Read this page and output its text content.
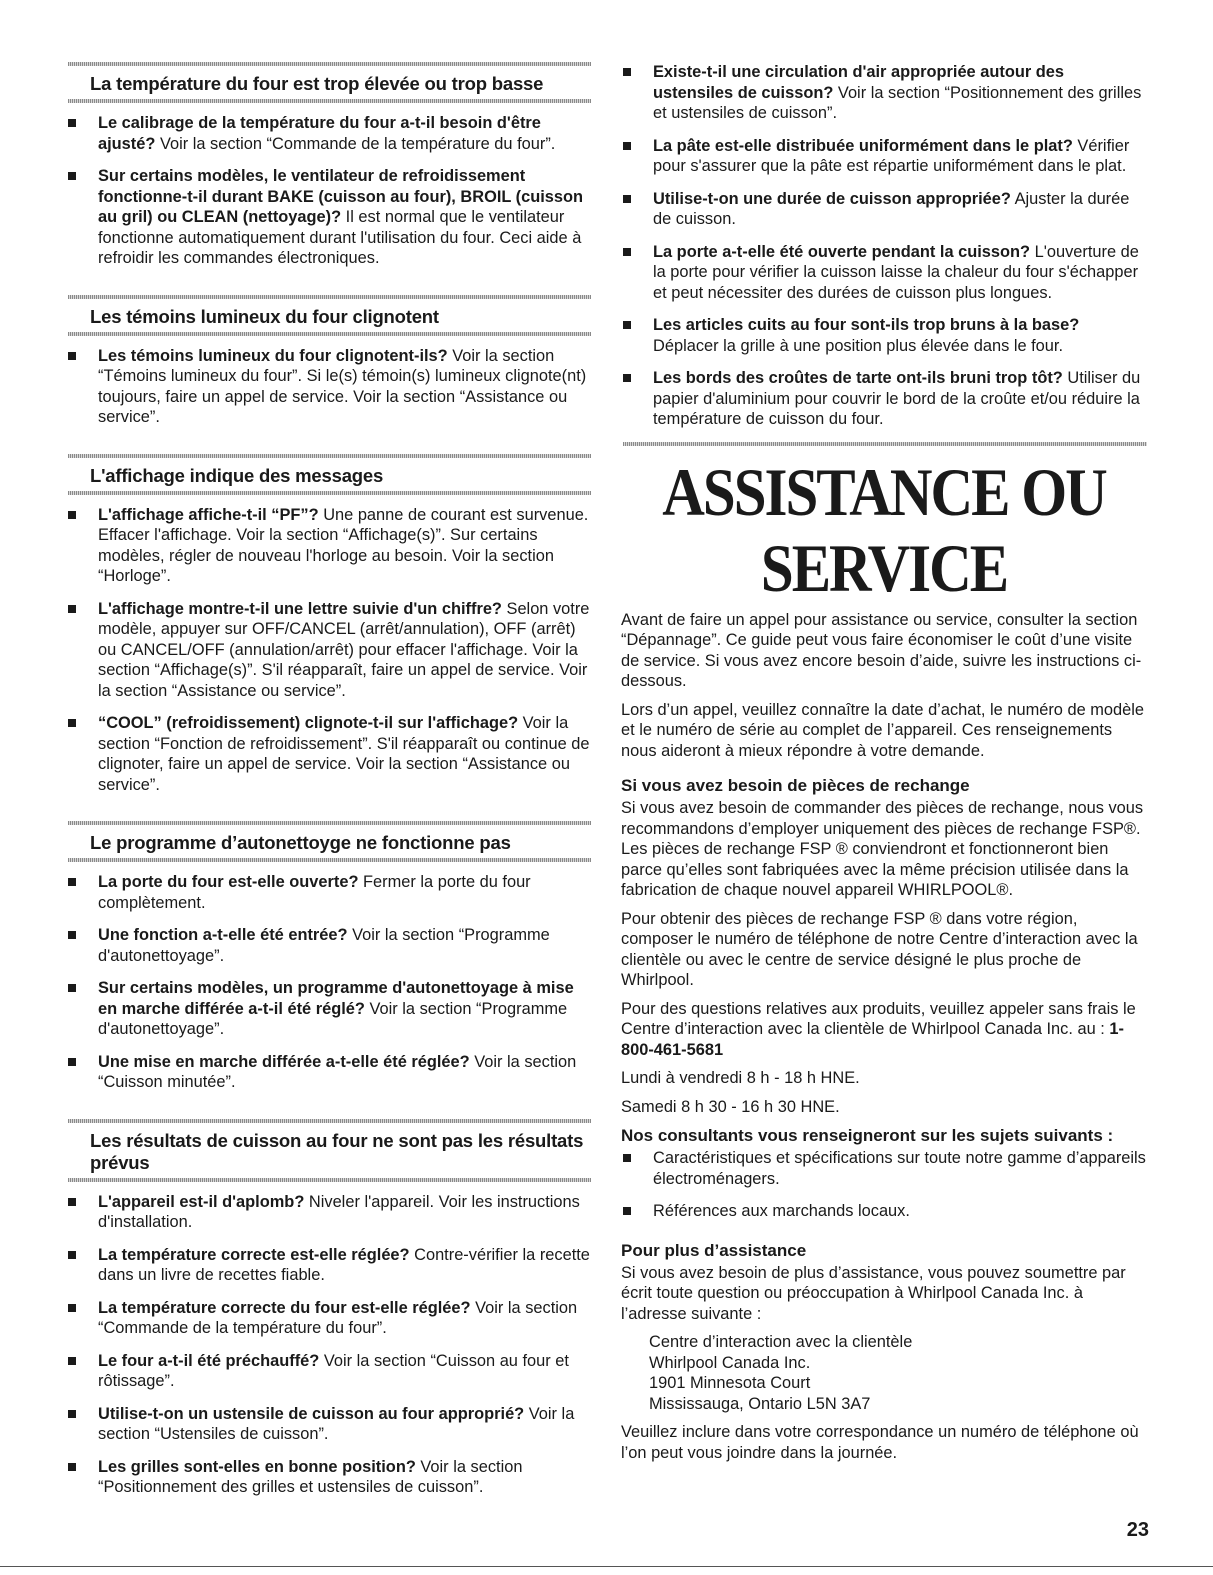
La température du four est trop élevée ou trop basse
Le calibrage de la température du four a-t-il besoin d'être ajusté? Voir la section “Commande de la température du four”.
Sur certains modèles, le ventilateur de refroidissement fonctionne-t-il durant BAKE (cuisson au four), BROIL (cuisson au gril) ou CLEAN (nettoyage)? Il est normal que le ventilateur fonctionne automatiquement durant l'utilisation du four. Ceci aide à refroidir les commandes électroniques.
Les témoins lumineux du four clignotent
Les témoins lumineux du four clignotent-ils? Voir la section “Témoins lumineux du four”. Si le(s) témoin(s) lumineux clignote(nt) toujours, faire un appel de service. Voir la section “Assistance ou service”.
L'affichage indique des messages
L'affichage affiche-t-il “PF”? Une panne de courant est survenue. Effacer l'affichage. Voir la section “Affichage(s)”. Sur certains modèles, régler de nouveau l'horloge au besoin. Voir la section “Horloge”.
L'affichage montre-t-il une lettre suivie d'un chiffre? Selon votre modèle, appuyer sur OFF/CANCEL (arrêt/annulation), OFF (arrêt) ou CANCEL/OFF (annulation/arrêt) pour effacer l'affichage. Voir la section “Affichage(s)”. S'il réapparaît, faire un appel de service. Voir la section “Assistance ou service”.
“COOL” (refroidissement) clignote-t-il sur l'affichage? Voir la section “Fonction de refroidissement”. S'il réapparaît ou continue de clignoter, faire un appel de service. Voir la section “Assistance ou service”.
Le programme d’autonettoyge ne fonctionne pas
La porte du four est-elle ouverte? Fermer la porte du four complètement.
Une fonction a-t-elle été entrée? Voir la section “Programme d'autonettoyage”.
Sur certains modèles, un programme d'autonettoyage à mise en marche différée a-t-il été réglé? Voir la section “Programme d'autonettoyage”.
Une mise en marche différée a-t-elle été réglée? Voir la section “Cuisson minutée”.
Les résultats de cuisson au four ne sont pas les résultats prévus
L'appareil est-il d'aplomb? Niveler l'appareil. Voir les instructions d'installation.
La température correcte est-elle réglée? Contre-vérifier la recette dans un livre de recettes fiable.
La température correcte du four est-elle réglée? Voir la section “Commande de la température du four”.
Le four a-t-il été préchauffé? Voir la section “Cuisson au four et rôtissage”.
Utilise-t-on un ustensile de cuisson au four approprié? Voir la section “Ustensiles de cuisson”.
Les grilles sont-elles en bonne position? Voir la section “Positionnement des grilles et ustensiles de cuisson”.
Existe-t-il une circulation d'air appropriée autour des ustensiles de cuisson? Voir la section “Positionnement des grilles et ustensiles de cuisson”.
La pâte est-elle distribuée uniformément dans le plat? Vérifier pour s'assurer que la pâte est répartie uniformément dans le plat.
Utilise-t-on une durée de cuisson appropriée? Ajuster la durée de cuisson.
La porte a-t-elle été ouverte pendant la cuisson? L'ouverture de la porte pour vérifier la cuisson laisse la chaleur du four s'échapper et peut nécessiter des durées de cuisson plus longues.
Les articles cuits au four sont-ils trop bruns à la base? Déplacer la grille à une position plus élevée dans le four.
Les bords des croûtes de tarte ont-ils bruni trop tôt? Utiliser du papier d'aluminium pour couvrir le bord de la croûte et/ou réduire la température de cuisson du four.
ASSISTANCE OU SERVICE

Avant de faire un appel pour assistance ou service, consulter la section “Dépannage”. Ce guide peut vous faire économiser le coût d’une visite de service. Si vous avez encore besoin d’aide, suivre les instructions ci-dessous.

Lors d’un appel, veuillez connaître la date d’achat, le numéro de modèle et le numéro de série au complet de l’appareil. Ces renseignements nous aideront à mieux répondre à votre demande.

Si vous avez besoin de pièces de rechange

Si vous avez besoin de commander des pièces de rechange, nous vous recommandons d’employer uniquement des pièces de rechange FSP®. Les pièces de rechange FSP ® conviendront et fonctionneront bien parce qu’elles sont fabriquées avec la même précision utilisée dans la fabrication de chaque nouvel appareil WHIRLPOOL®.

Pour obtenir des pièces de rechange FSP ® dans votre région, composer le numéro de téléphone de notre Centre d’interaction avec la clientèle ou avec le centre de service désigné le plus proche de Whirlpool.

Pour des questions relatives aux produits, veuillez appeler sans frais le Centre d’interaction avec la clientèle de Whirlpool Canada Inc. au : 1-800-461-5681

Lundi à vendredi 8 h - 18 h HNE.

Samedi 8 h 30 - 16 h 30 HNE.

Nos consultants vous renseigneront sur les sujets suivants :
Caractéristiques et spécifications sur toute notre gamme d’appareils électroménagers.
Références aux marchands locaux.
Pour plus d’assistance

Si vous avez besoin de plus d’assistance, vous pouvez soumettre par écrit toute question ou préoccupation à Whirlpool Canada Inc. à l’adresse suivante :

Centre d’interaction avec la clientèle
Whirlpool Canada Inc.
1901 Minnesota Court
Mississauga, Ontario L5N 3A7

Veuillez inclure dans votre correspondance un numéro de téléphone où l’on peut vous joindre dans la journée.

23
